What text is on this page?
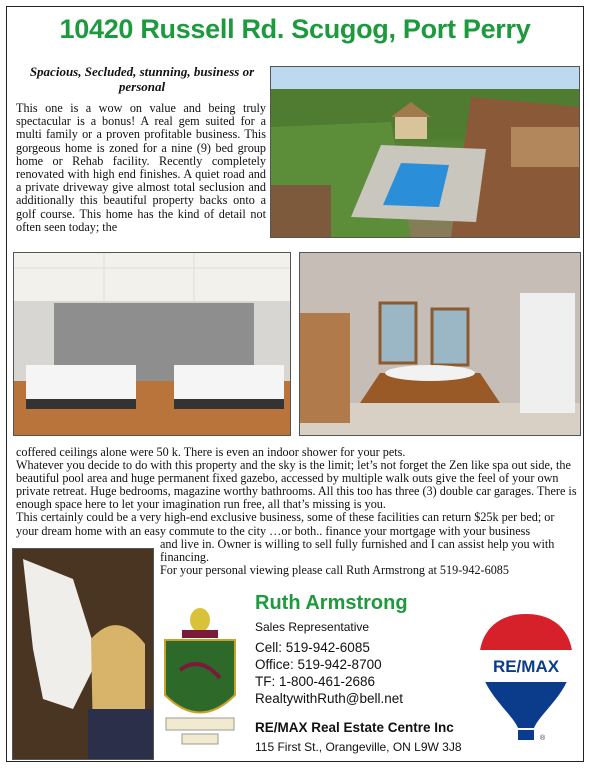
10420 Russell Rd. Scugog, Port Perry
Spacious, Secluded, stunning, business or personal
This one is a wow on value and being truly spectacular is a bonus! A real gem suited for a multi family or a proven profitable business. This gorgeous home is zoned for a nine (9) bed group home or Rehab facility. Recently completely renovated with high end finishes. A quiet road and a private driveway give almost total seclusion and additionally this beautiful property backs onto a golf course. This home has the kind of detail not often seen today; the

coffered ceilings alone were 50 k. There is even an indoor shower for your pets.

Whatever you decide to do with this property and the sky is the limit; let’s not forget the Zen like spa out side, the beautiful pool area and huge permanent fixed gazebo, accessed by multiple walk outs give the feel of your own private retreat. Huge bedrooms, magazine worthy bathrooms. All this too has three (3) double car garages. There is enough space here to let your imagination run free, all that’s missing is you.

This certainly could be a very high-end exclusive business, some of these facilities can return $25k per bed; or your dream home with an easy commute to the city …or both.. finance your mortgage with your business

and live in. Owner is willing to sell fully furnished and I can assist help you with financing.

For your personal viewing please call Ruth Armstrong at 519-942-6085

Ruth Armstrong
Sales Representative
Cell: 519-942-6085
Office: 519-942-8700
TF: 1-800-461-2686
RealtywithRuth@bell.net
RE/MAX Real Estate Centre Inc
115 First St., Orangeville, ON L9W 3J8
RE/MAX
®
